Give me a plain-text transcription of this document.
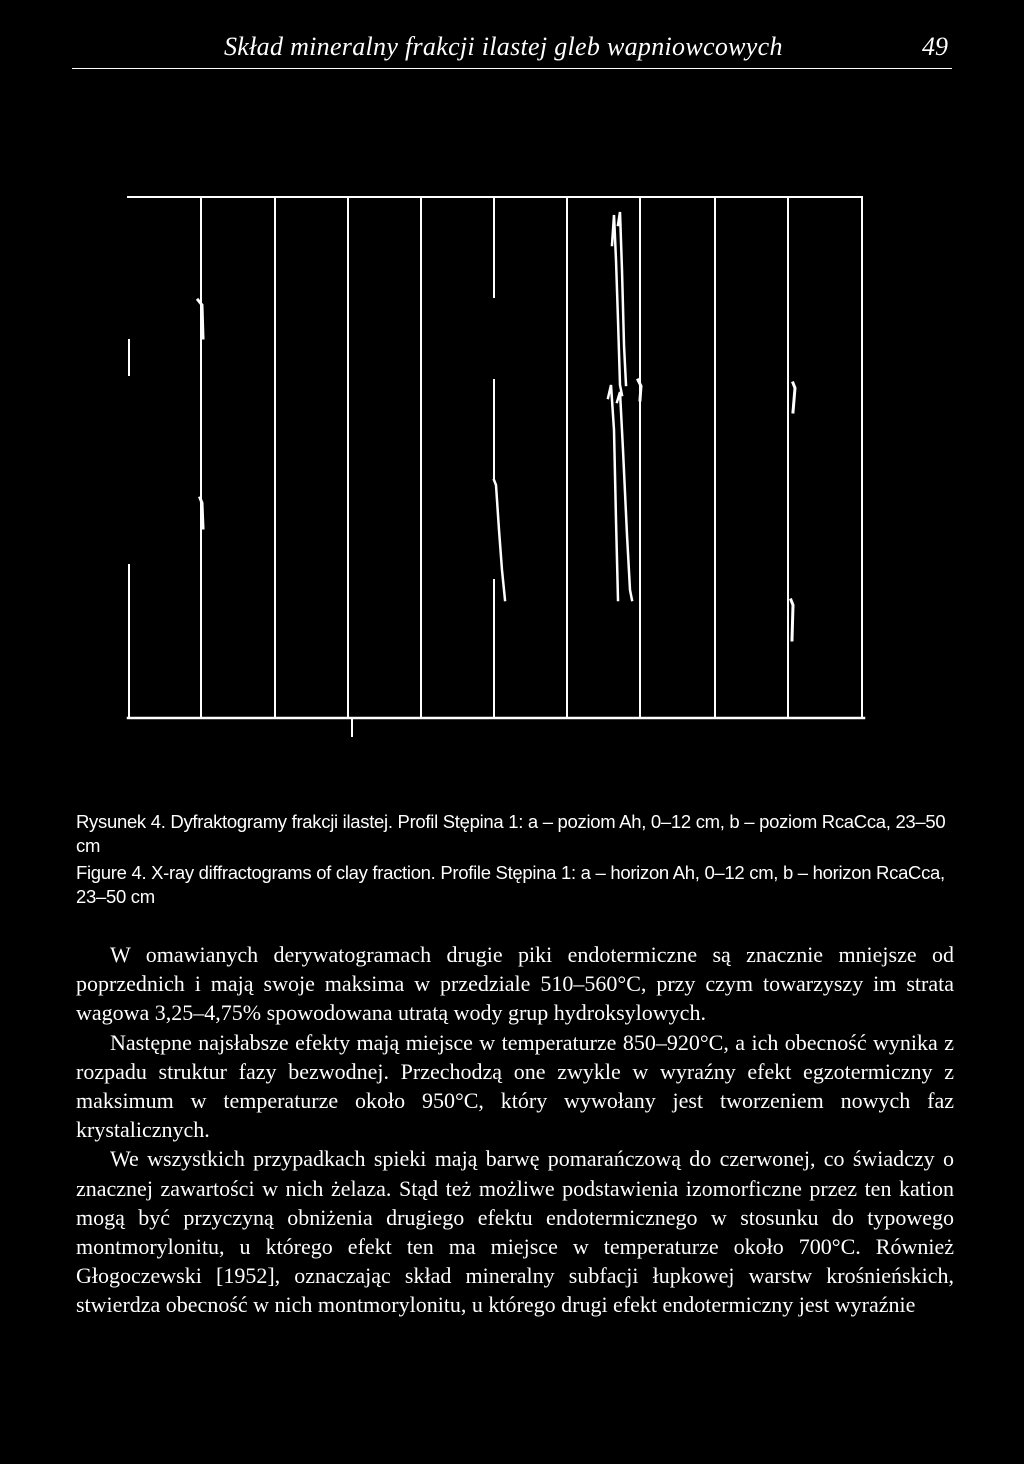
Skład mineralny frakcji ilastej gleb wapniowcowych	49
Rysunek 4. Dyfraktogramy frakcji ilastej. Profil Stępina 1: a – poziom Ah, 0–12 cm, b – poziom RcaCca, 23–50 cm
Figure 4. X-ray diffractograms of clay fraction. Profile Stępina 1: a – horizon Ah, 0–12 cm, b – horizon RcaCca, 23–50 cm

W omawianych derywatogramach drugie piki endotermiczne są znacznie mniejsze od poprzednich i mają swoje maksima w przedziale 510–560°C, przy czym towarzyszy im strata wagowa 3,25–4,75% spowodowana utratą wody grup hydroksylowych.

Następne najsłabsze efekty mają miejsce w temperaturze 850–920°C, a ich obecność wynika z rozpadu struktur fazy bezwodnej. Przechodzą one zwykle w wyraźny efekt egzotermiczny z maksimum w temperaturze około 950°C, który wywołany jest tworzeniem nowych faz krystalicznych.

We wszystkich przypadkach spieki mają barwę pomarańczową do czerwonej, co świadczy o znacznej zawartości w nich żelaza. Stąd też możliwe podstawienia izomorficzne przez ten kation mogą być przyczyną obniżenia drugiego efektu endotermicznego w stosunku do typowego montmorylonitu, u którego efekt ten ma miejsce w temperaturze około 700°C. Również Głogoczewski [1952], oznaczając skład mineralny subfacji łupkowej warstw krośnieńskich, stwierdza obecność w nich montmorylonitu, u którego drugi efekt endotermiczny jest wyraźnie
